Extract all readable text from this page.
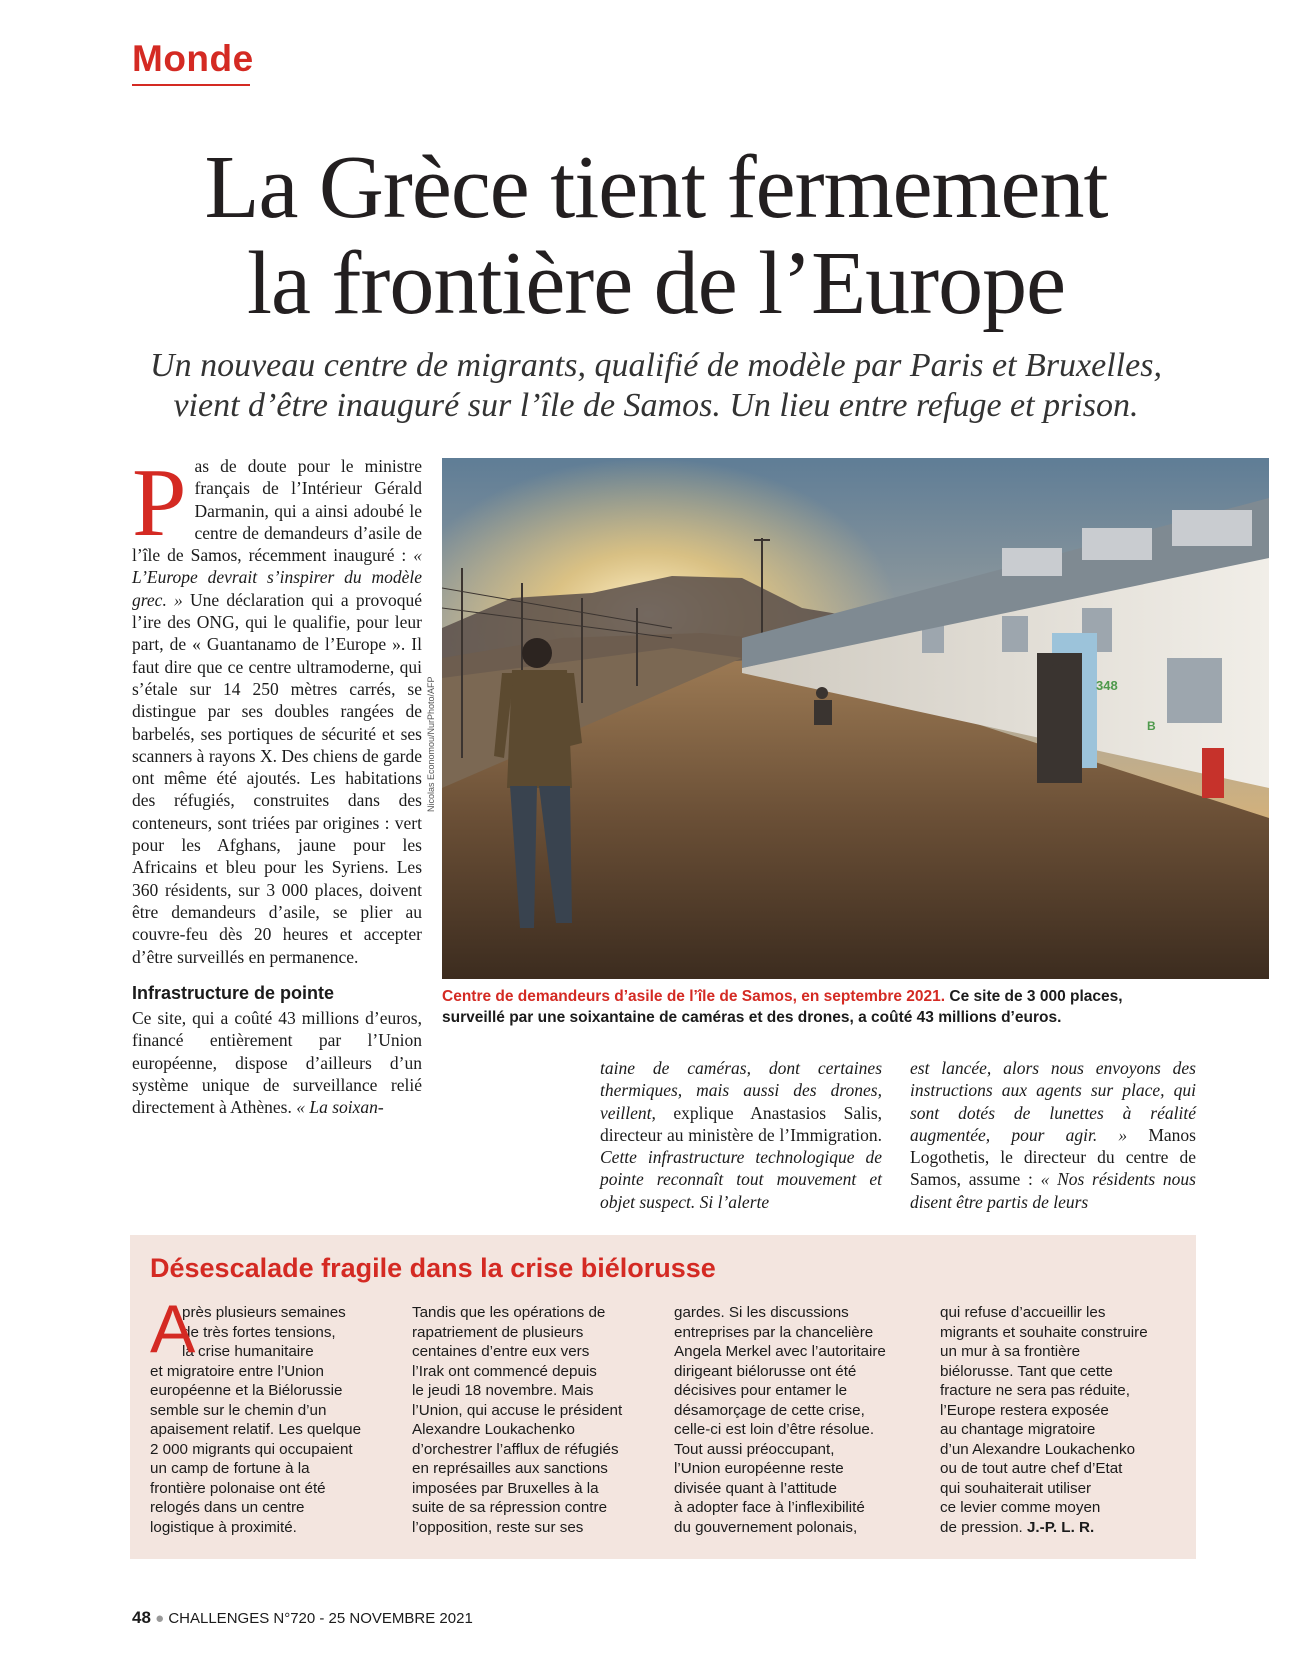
Monde
La Grèce tient fermement
la frontière de l’Europe
Un nouveau centre de migrants, qualifié de modèle par Paris et Bruxelles,
vient d’être inauguré sur l’île de Samos. Un lieu entre refuge et prison.

Pas de doute pour le ministre français de l’Intérieur Gérald Darmanin, qui a ainsi adoubé le centre de demandeurs d’asile de l’île de Samos, récemment inauguré : « L’Europe devrait s’inspirer du modèle grec. » Une déclaration qui a provoqué l’ire des ONG, qui le qualifie, pour leur part, de « Guantanamo de l’Europe ». Il faut dire que ce centre ultramoderne, qui s’étale sur 14 250 mètres carrés, se distingue par ses doubles rangées de barbelés, ses portiques de sécurité et ses scanners à rayons X. Des chiens de garde ont même été ajoutés. Les habitations des réfugiés, construites dans des conteneurs, sont triées par origines : vert pour les Afghans, jaune pour les Africains et bleu pour les Syriens. Les 360 résidents, sur 3 000 places, doivent être demandeurs d’asile, se plier au couvre-feu dès 20 heures et accepter d’être surveillés en permanence.

Infrastructure de pointe

Ce site, qui a coûté 43 millions d’euros, financé entièrement par l’Union européenne, dispose d’ailleurs d’un système unique de surveillance relié directement à Athènes. « La soixan-

348
B
Nicolas Economou/NurPhoto/AFP
Centre de demandeurs d’asile de l’île de Samos, en septembre 2021. Ce site de 3 000 places,
surveillé par une soixantaine de caméras et des drones, a coûté 43 millions d’euros.

taine de caméras, dont certaines thermiques, mais aussi des drones, veillent, explique Anastasios Salis, directeur au ministère de l’Immigration. Cette infrastructure technologique de pointe reconnaît tout mouvement et objet suspect. Si l’alerte

est lancée, alors nous envoyons des instructions aux agents sur place, qui sont dotés de lunettes à réalité augmentée, pour agir. » Manos Logothetis, le directeur du centre de Samos, assume : « Nos résidents nous disent être partis de leurs

Désescalade fragile dans la crise biélorusse
A
près plusieurs semaines
de très fortes tensions,
la crise humanitaire
et migratoire entre l’Union
européenne et la Biélorussie
semble sur le chemin d’un
apaisement relatif. Les quelque
2 000 migrants qui occupaient
un camp de fortune à la
frontière polonaise ont été
relogés dans un centre
logistique à proximité.
Tandis que les opérations de
rapatriement de plusieurs
centaines d’entre eux vers
l’Irak ont commencé depuis
le jeudi 18 novembre. Mais
l’Union, qui accuse le président
Alexandre Loukachenko
d’orchestrer l’afflux de réfugiés
en représailles aux sanctions
imposées par Bruxelles à la
suite de sa répression contre
l’opposition, reste sur ses
gardes. Si les discussions
entreprises par la chancelière
Angela Merkel avec l’autoritaire
dirigeant biélorusse ont été
décisives pour entamer le
désamorçage de cette crise,
celle-ci est loin d’être résolue.
Tout aussi préoccupant,
l’Union européenne reste
divisée quant à l’attitude
à adopter face à l’inflexibilité
du gouvernement polonais,
qui refuse d’accueillir les
migrants et souhaite construire
un mur à sa frontière
biélorusse. Tant que cette
fracture ne sera pas réduite,
l’Europe restera exposée
au chantage migratoire
d’un Alexandre Loukachenko
ou de tout autre chef d’Etat
qui souhaiterait utiliser
ce levier comme moyen
de pression. J.-P. L. R.
48 ● CHALLENGES N°720 - 25 NOVEMBRE 2021
